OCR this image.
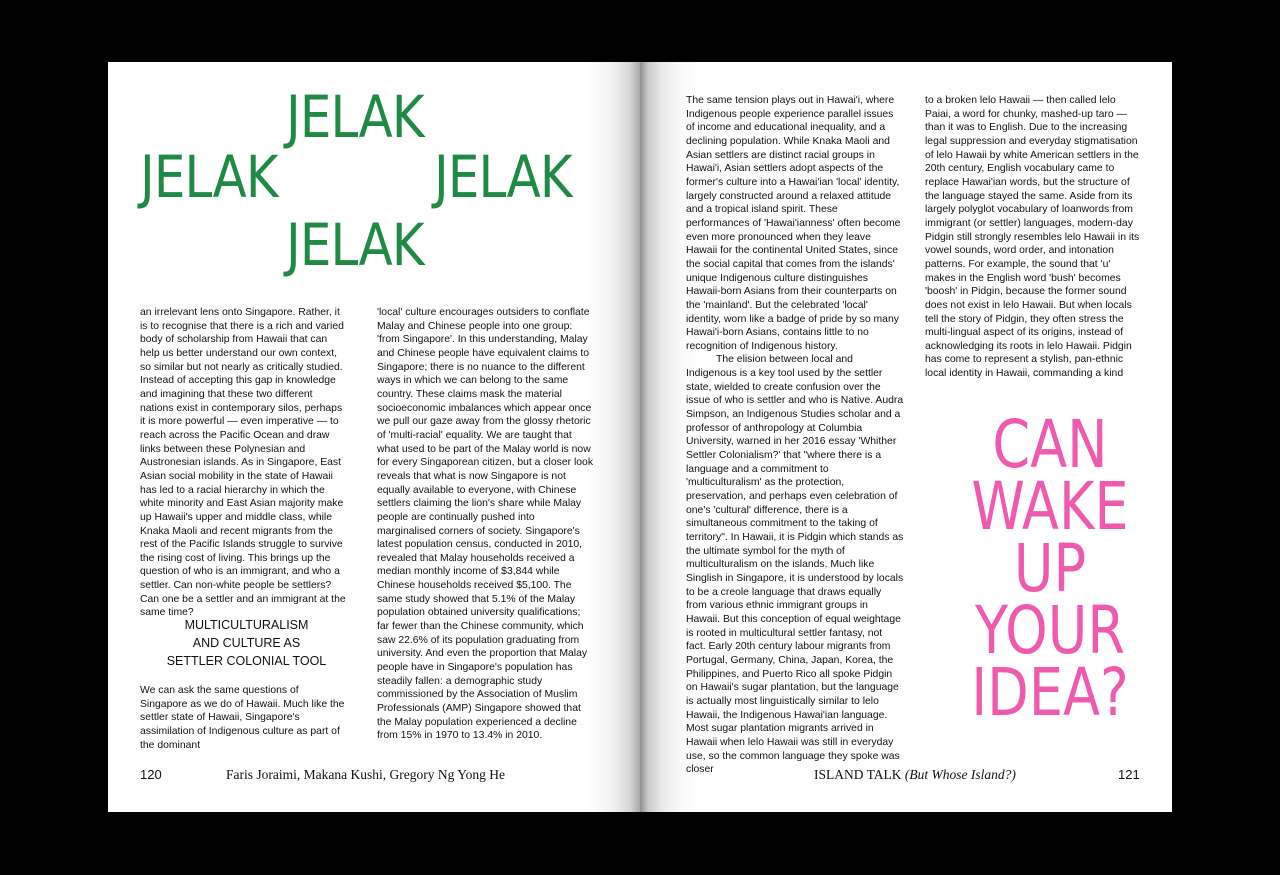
JELAK
JELAK	JELAK
JELAK

an irrelevant lens onto Singapore. Rather, it is to recognise that there is a rich and varied body of scholarship from Hawaii that can help us better understand our own context, so similar but not nearly as critically studied. Instead of accepting this gap in knowledge and imagining that these two different nations exist in contemporary silos, perhaps it is more powerful — even imperative — to reach across the Pacific Ocean and draw links between these Polynesian and Austronesian islands. As in Singapore, East Asian social mobility in the state of Hawaii has led to a racial hierarchy in which the white minority and East Asian majority make up Hawaii's upper and middle class, while Knaka Maoli and recent migrants from the rest of the Pacific Islands struggle to survive the rising cost of living. This brings up the question of who is an immigrant, and who a settler. Can non-white people be settlers? Can one be a settler and an immigrant at the same time?

MULTICULTURALISM
AND CULTURE AS
SETTLER COLONIAL TOOL

We can ask the same questions of Singapore as we do of Hawaii. Much like the settler state of Hawaii, Singapore's assimilation of Indigenous culture as part of the dominant

'local' culture encourages outsiders to conflate Malay and Chinese people into one group: 'from Singapore'. In this understanding, Malay and Chinese people have equivalent claims to Singapore; there is no nuance to the different ways in which we can belong to the same country. These claims mask the material socioeconomic imbalances which appear once we pull our gaze away from the glossy rhetoric of 'multi-racial' equality. We are taught that what used to be part of the Malay world is now for every Singaporean citizen, but a closer look reveals that what is now Singapore is not equally available to everyone, with Chinese settlers claiming the lion's share while Malay people are continually pushed into marginalised corners of society. Singapore's latest population census, conducted in 2010, revealed that Malay households received a median monthly income of $3,844 while Chinese households received $5,100. The same study showed that 5.1% of the Malay population obtained university qualifications; far fewer than the Chinese community, which saw 22.6% of its population graduating from university. And even the proportion that Malay people have in Singapore's population has steadily fallen: a demographic study commissioned by the Association of Muslim Professionals (AMP) Singapore showed that the Malay population experienced a decline from 15% in 1970 to 13.4% in 2010.

120	Faris Joraimi, Makana Kushi, Gregory Ng Yong He

The same tension plays out in Hawai'i, where Indigenous people experience parallel issues of income and educational inequality, and a declining population. While Knaka Maoli and Asian settlers are distinct racial groups in Hawai'i, Asian settlers adopt aspects of the former's culture into a Hawai'ian 'local' identity, largely constructed around a relaxed attitude and a tropical island spirit. These performances of 'Hawai'ianness' often become even more pronounced when they leave Hawaii for the continental United States, since the social capital that comes from the islands' unique Indigenous culture distinguishes Hawaii-born Asians from their counterparts on the 'mainland'. But the celebrated 'local' identity, worn like a badge of pride by so many Hawai'i-born Asians, contains little to no recognition of Indigenous history.

The elision between local and Indigenous is a key tool used by the settler state, wielded to create confusion over the issue of who is settler and who is Native. Audra Simpson, an Indigenous Studies scholar and a professor of anthropology at Columbia University, warned in her 2016 essay 'Whither Settler Colonialism?' that "where there is a language and a commitment to 'multiculturalism' as the protection, preservation, and perhaps even celebration of one's 'cultural' difference, there is a simultaneous commitment to the taking of territory". In Hawaii, it is Pidgin which stands as the ultimate symbol for the myth of multiculturalism on the islands. Much like Singlish in Singapore, it is understood by locals to be a creole language that draws equally from various ethnic immigrant groups in Hawaii. But this conception of equal weightage is rooted in multicultural settler fantasy, not fact. Early 20th century labour migrants from Portugal, Germany, China, Japan, Korea, the Philippines, and Puerto Rico all spoke Pidgin on Hawaii's sugar plantation, but the language is actually most linguistically similar to lelo Hawaii, the Indigenous Hawai'ian language. Most sugar plantation migrants arrived in Hawaii when lelo Hawaii was still in everyday use, so the common language they spoke was closer

to a broken lelo Hawaii — then called lelo Paiai, a word for chunky, mashed-up taro — than it was to English. Due to the increasing legal suppression and everyday stigmatisation of lelo Hawaii by white American settlers in the 20th century, English vocabulary came to replace Hawai'ian words, but the structure of the language stayed the same. Aside from its largely polyglot vocabulary of loanwords from immigrant (or settler) languages, modern-day Pidgin still strongly resembles lelo Hawaii in its vowel sounds, word order, and intonation patterns. For example, the sound that 'u' makes in the English word 'bush' becomes 'boosh' in Pidgin, because the former sound does not exist in lelo Hawaii. But when locals tell the story of Pidgin, they often stress the multi-lingual aspect of its origins, instead of acknowledging its roots in lelo Hawaii. Pidgin has come to represent a stylish, pan-ethnic local identity in Hawaii, commanding a kind

CAN
WAKE
UP
YOUR
IDEA?
ISLAND TALK (But Whose Island?)	121
